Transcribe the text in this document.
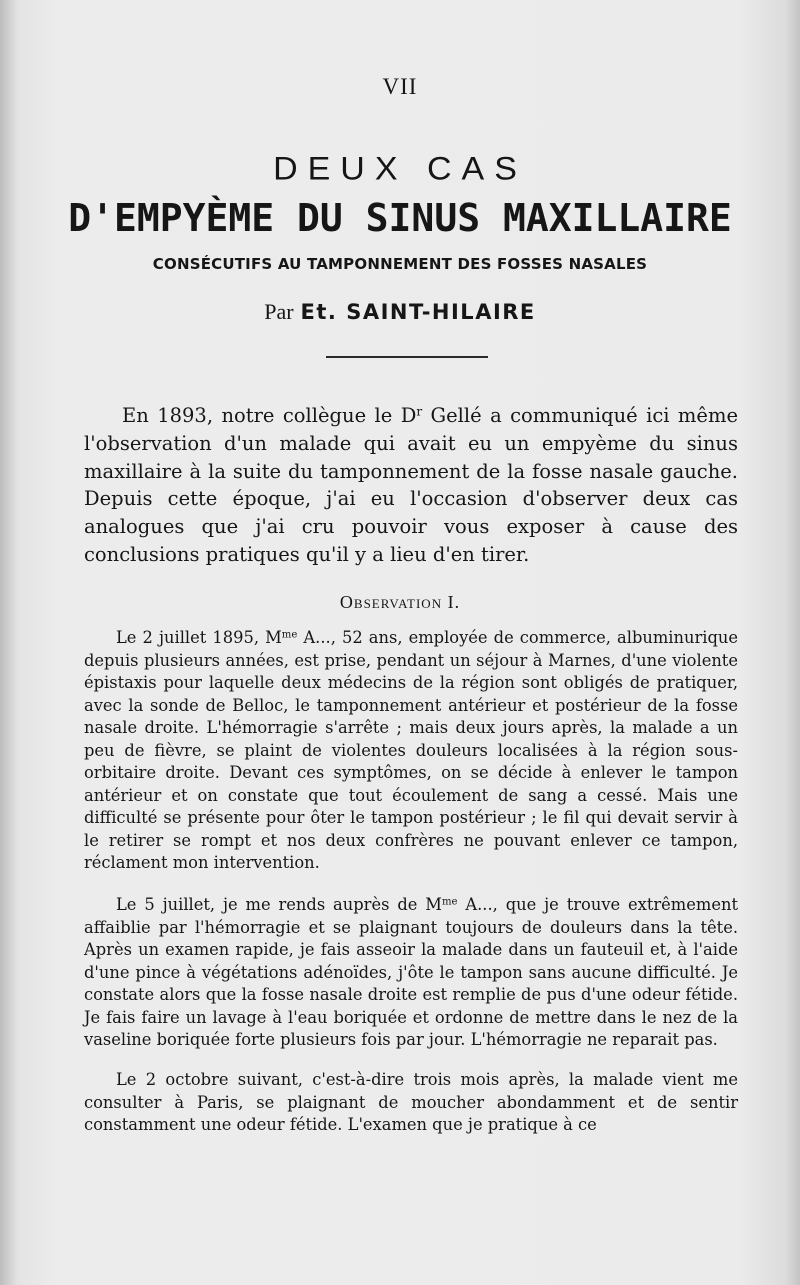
VII
DEUX CAS
D'EMPYÈME DU SINUS MAXILLAIRE
CONSÉCUTIFS AU TAMPONNEMENT DES FOSSES NASALES
Par Et. SAINT-HILAIRE

En 1893, notre collègue le $D^r$ Gellé a communiqué ici même l'observation d'un malade qui avait eu un empyème du sinus maxillaire à la suite du tamponnement de la fosse nasale gauche. Depuis cette époque, j'ai eu l'occasion d'observer deux cas analogues que j'ai cru pouvoir vous exposer à cause des conclusions pratiques qu'il y a lieu d'en tirer.

Observation I.

Le 2 juillet 1895, $M^{me}$ A..., 52 ans, employée de commerce, albuminurique depuis plusieurs années, est prise, pendant un séjour à Marnes, d'une violente épistaxis pour laquelle deux médecins de la région sont obligés de pratiquer, avec la sonde de Belloc, le tamponnement antérieur et postérieur de la fosse nasale droite. L'hémorragie s'arrête ; mais deux jours après, la malade a un peu de fièvre, se plaint de violentes douleurs localisées à la région sous-orbitaire droite. Devant ces symptômes, on se décide à enlever le tampon antérieur et on constate que tout écoulement de sang a cessé. Mais une difficulté se présente pour ôter le tampon postérieur ; le fil qui devait servir à le retirer se rompt et nos deux confrères ne pouvant enlever ce tampon, réclament mon intervention.

Le 5 juillet, je me rends auprès de $M^{me}$ A..., que je trouve extrêmement affaiblie par l'hémorragie et se plaignant toujours de douleurs dans la tête. Après un examen rapide, je fais asseoir la malade dans un fauteuil et, à l'aide d'une pince à végétations adénoïdes, j'ôte le tampon sans aucune difficulté. Je constate alors que la fosse nasale droite est remplie de pus d'une odeur fétide. Je fais faire un lavage à l'eau boriquée et ordonne de mettre dans le nez de la vaseline boriquée forte plusieurs fois par jour. L'hémorragie ne reparait pas.

Le 2 octobre suivant, c'est-à-dire trois mois après, la malade vient me consulter à Paris, se plaignant de moucher abondamment et de sentir constamment une odeur fétide. L'examen que je pratique à ce
